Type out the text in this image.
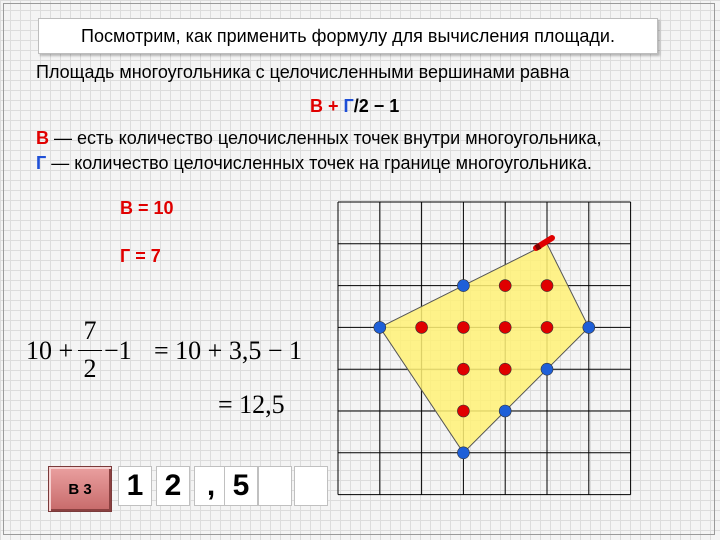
Посмотрим, как применить формулу для вычисления площади.
Площадь многоугольника с целочисленными вершинами равна
В + Г/2 − 1
В — есть количество целочисленных точек внутри многоугольника,
Г — количество целочисленных точек на границе многоугольника.
В = 10
Г = 7
10 +
7
2
−1 = 10 + 3,5 − 1
= 12,5
В 3 1 2 , 5
